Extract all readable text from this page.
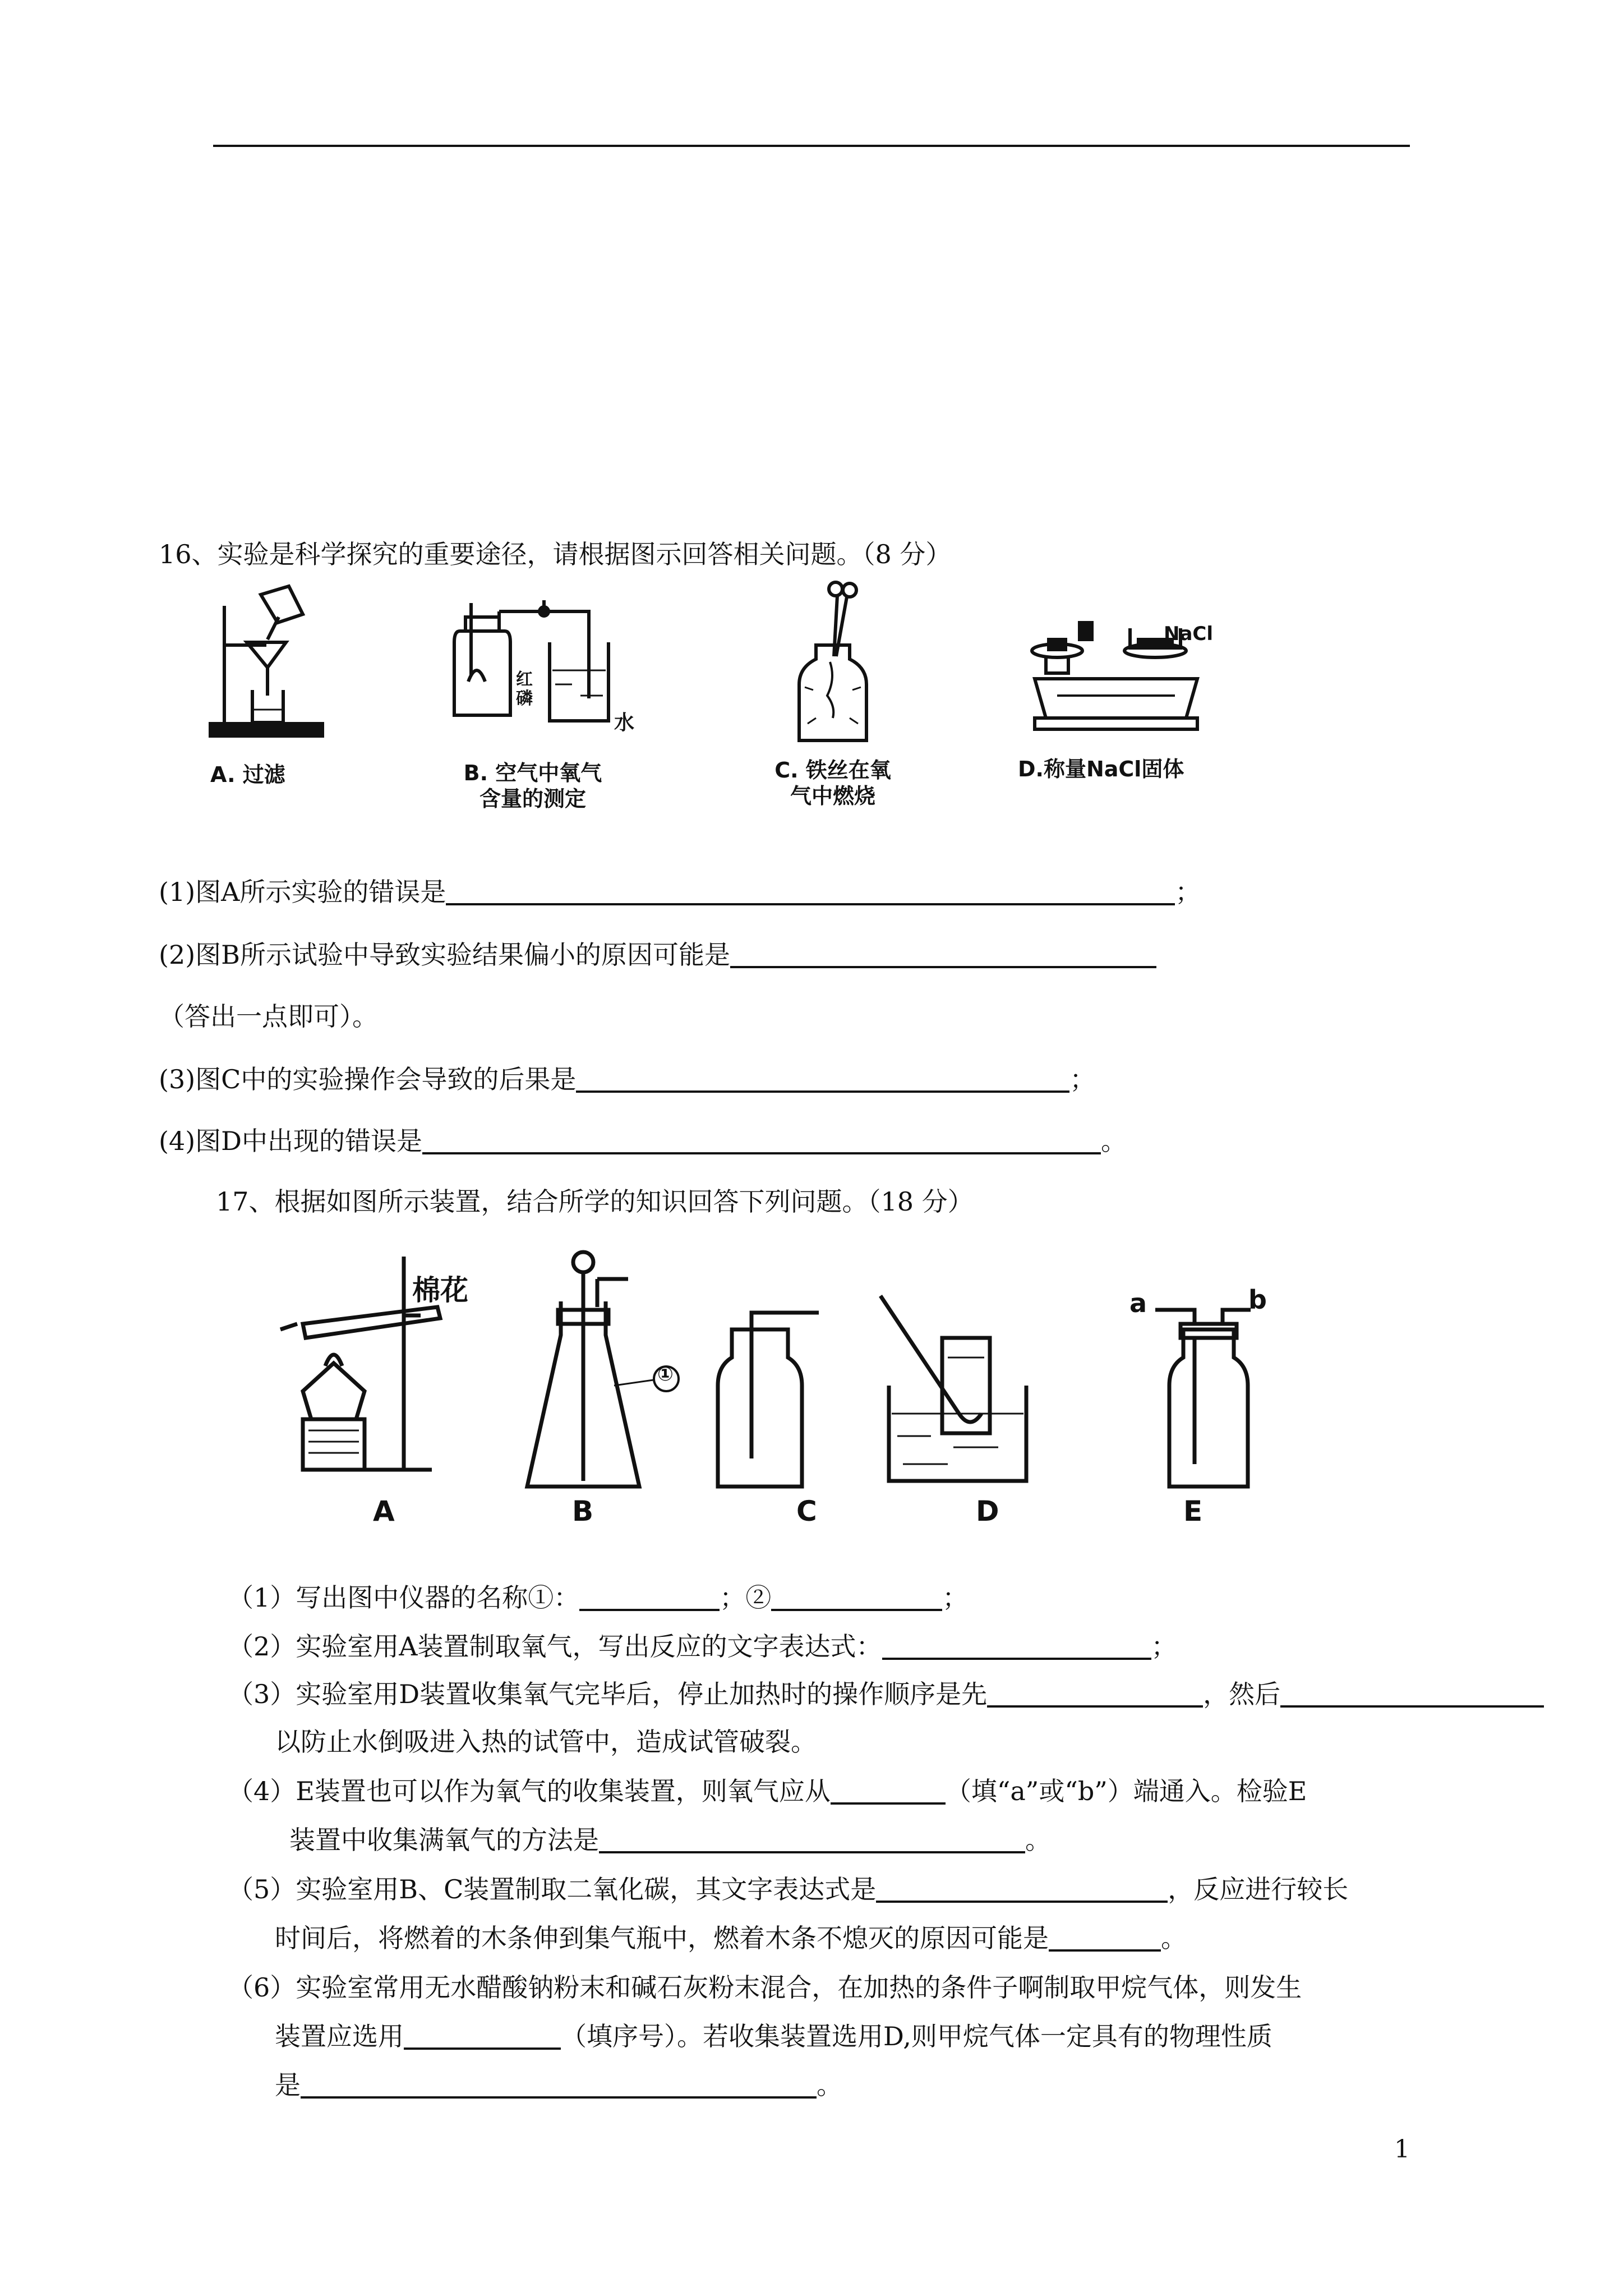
16、实验是科学探究的重要途径，请根据图示回答相关问题。（8 分）
A. 过滤
红
磷
水
B. 空气中氧气
含量的测定
C. 铁丝在氧
气中燃烧
NaCl
D.称量NaCl固体
(1)图A所示实验的错误是	；
(2)图B所示试验中导致实验结果偏小的原因可能是
（答出一点即可）。
(3)图C中的实验操作会导致的后果是	；
(4)图D中出现的错误是	。
17、根据如图所示装置，结合所学的知识回答下列问题。（18 分）
棉花	a	b
①
A	B	C	D	E
（1）写出图中仪器的名称①：	；②	；
（2）实验室用A装置制取氧气，写出反应的文字表达式：	；
（3）实验室用D装置收集氧气完毕后，停止加热时的操作顺序是先	，然后
以防止水倒吸进入热的试管中，造成试管破裂。
（4）E装置也可以作为氧气的收集装置，则氧气应从	（填“a”或“b”）端通入。检验E
装置中收集满氧气的方法是	。
（5）实验室用B、C装置制取二氧化碳，其文字表达式是	，反应进行较长
时间后，将燃着的木条伸到集气瓶中，燃着木条不熄灭的原因可能是	。
（6）实验室常用无水醋酸钠粉末和碱石灰粉末混合，在加热的条件子啊制取甲烷气体，则发生
装置应选用	（填序号）。若收集装置选用D,则甲烷气体一定具有的物理性质
是	。
1
